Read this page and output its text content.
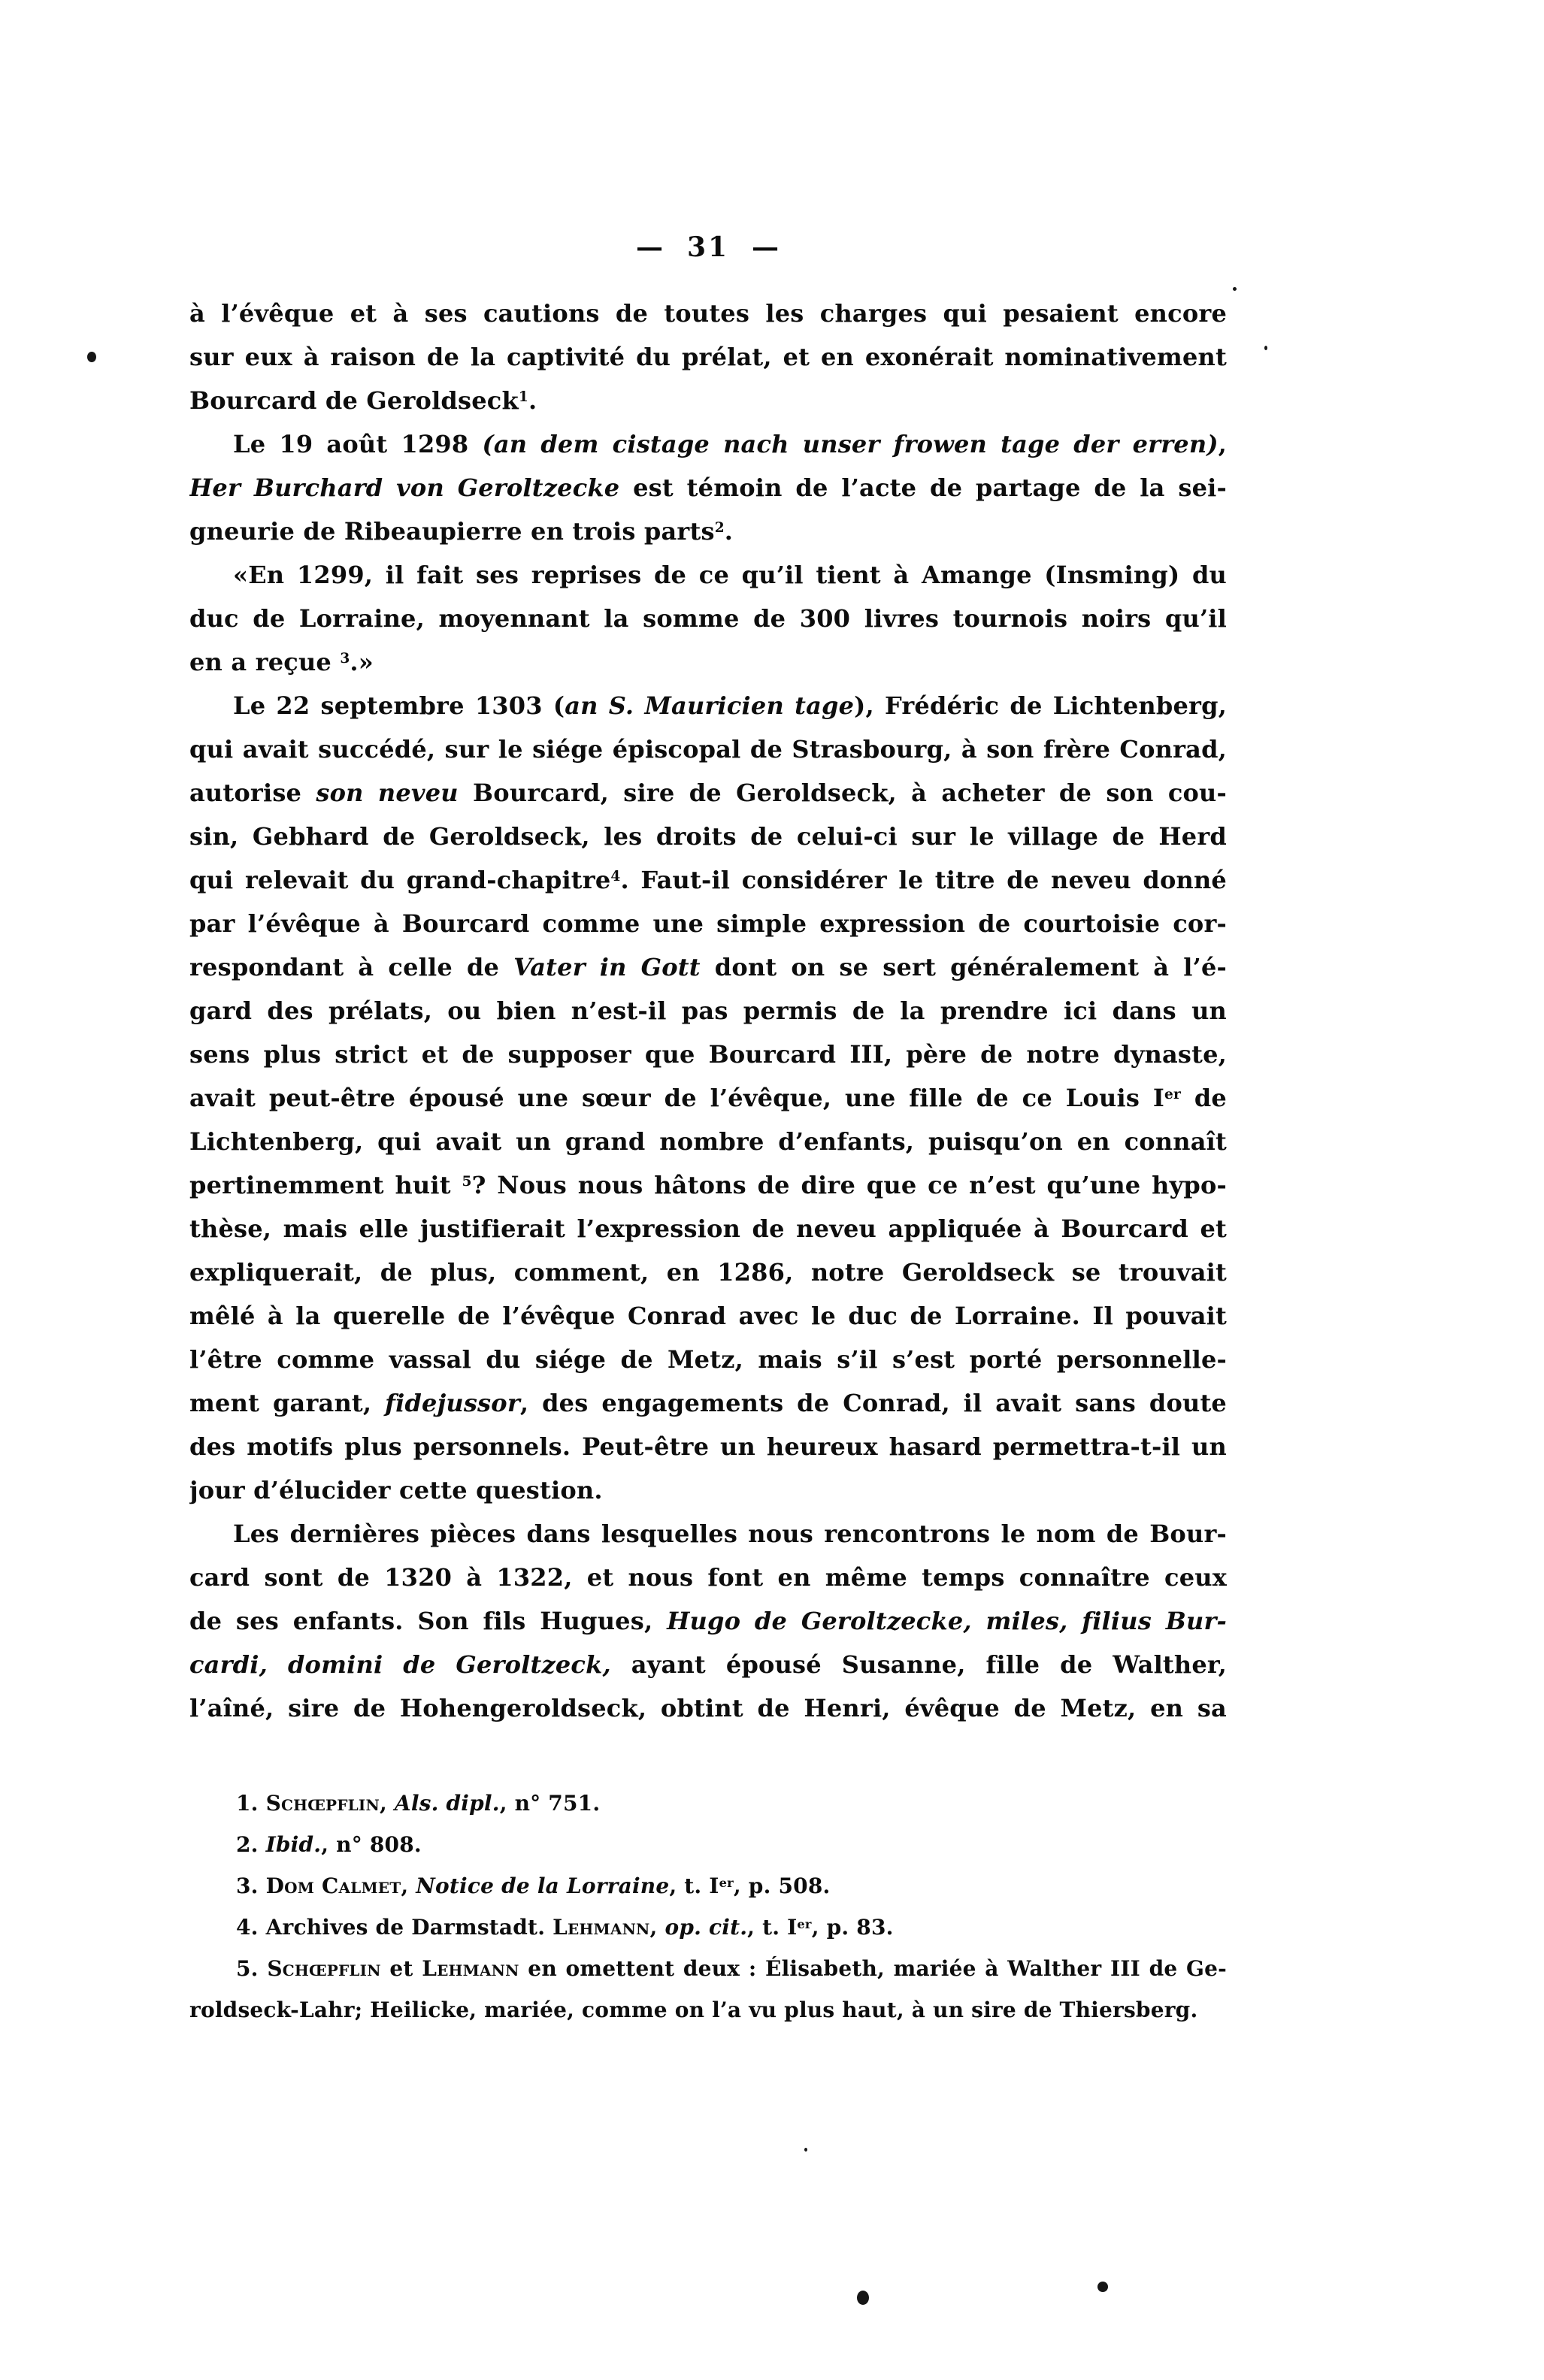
— 31 —
à l’évêque et à ses cautions de toutes les charges qui pesaient encore
sur eux à raison de la captivité du prélat, et en exonérait nominativement
Bourcard de Geroldseck$^1$.
Le 19 août 1298 (an dem cistage nach unser frowen tage der erren),
Her Burchard von Geroltzecke est témoin de l’acte de partage de la sei-
gneurie de Ribeaupierre en trois parts$^2$.
«En 1299, il fait ses reprises de ce qu’il tient à Amange (Insming) du
duc de Lorraine, moyennant la somme de 300 livres tournois noirs qu’il
en a reçue $^3$.»
Le 22 septembre 1303 (an S. Mauricien tage), Frédéric de Lichtenberg,
qui avait succédé, sur le siége épiscopal de Strasbourg, à son frère Conrad,
autorise son neveu Bourcard, sire de Geroldseck, à acheter de son cou-
sin, Gebhard de Geroldseck, les droits de celui-ci sur le village de Herd
qui relevait du grand-chapitre$^4$. Faut-il considérer le titre de neveu donné
par l’évêque à Bourcard comme une simple expression de courtoisie cor-
respondant à celle de Vater in Gott dont on se sert généralement à l’é-
gard des prélats, ou bien n’est-il pas permis de la prendre ici dans un
sens plus strict et de supposer que Bourcard III, père de notre dynaste,
avait peut-être épousé une sœur de l’évêque, une fille de ce Louis Ier de
Lichtenberg, qui avait un grand nombre d’enfants, puisqu’on en connaît
pertinemment huit $^5$? Nous nous hâtons de dire que ce n’est qu’une hypo-
thèse, mais elle justifierait l’expression de neveu appliquée à Bourcard et
expliquerait, de plus, comment, en 1286, notre Geroldseck se trouvait
mêlé à la querelle de l’évêque Conrad avec le duc de Lorraine. Il pouvait
l’être comme vassal du siége de Metz, mais s’il s’est porté personnelle-
ment garant, fidejussor, des engagements de Conrad, il avait sans doute
des motifs plus personnels. Peut-être un heureux hasard permettra-t-il un
jour d’élucider cette question.
Les dernières pièces dans lesquelles nous rencontrons le nom de Bour-
card sont de 1320 à 1322, et nous font en même temps connaître ceux
de ses enfants. Son fils Hugues, Hugo de Geroltzecke, miles, filius Bur-
cardi, domini de Geroltzeck, ayant épousé Susanne, fille de Walther,
l’aîné, sire de Hohengeroldseck, obtint de Henri, évêque de Metz, en sa
1. Schœpflin, Als. dipl., n° 751.
2. Ibid., n° 808.
3. Dom Calmet, Notice de la Lorraine, t. Ier, p. 508.
4. Archives de Darmstadt. Lehmann, op. cit., t. Ier, p. 83.
5. Schœpflin et Lehmann en omettent deux : Élisabeth, mariée à Walther III de Ge-
roldseck-Lahr; Heilicke, mariée, comme on l’a vu plus haut, à un sire de Thiersberg.
